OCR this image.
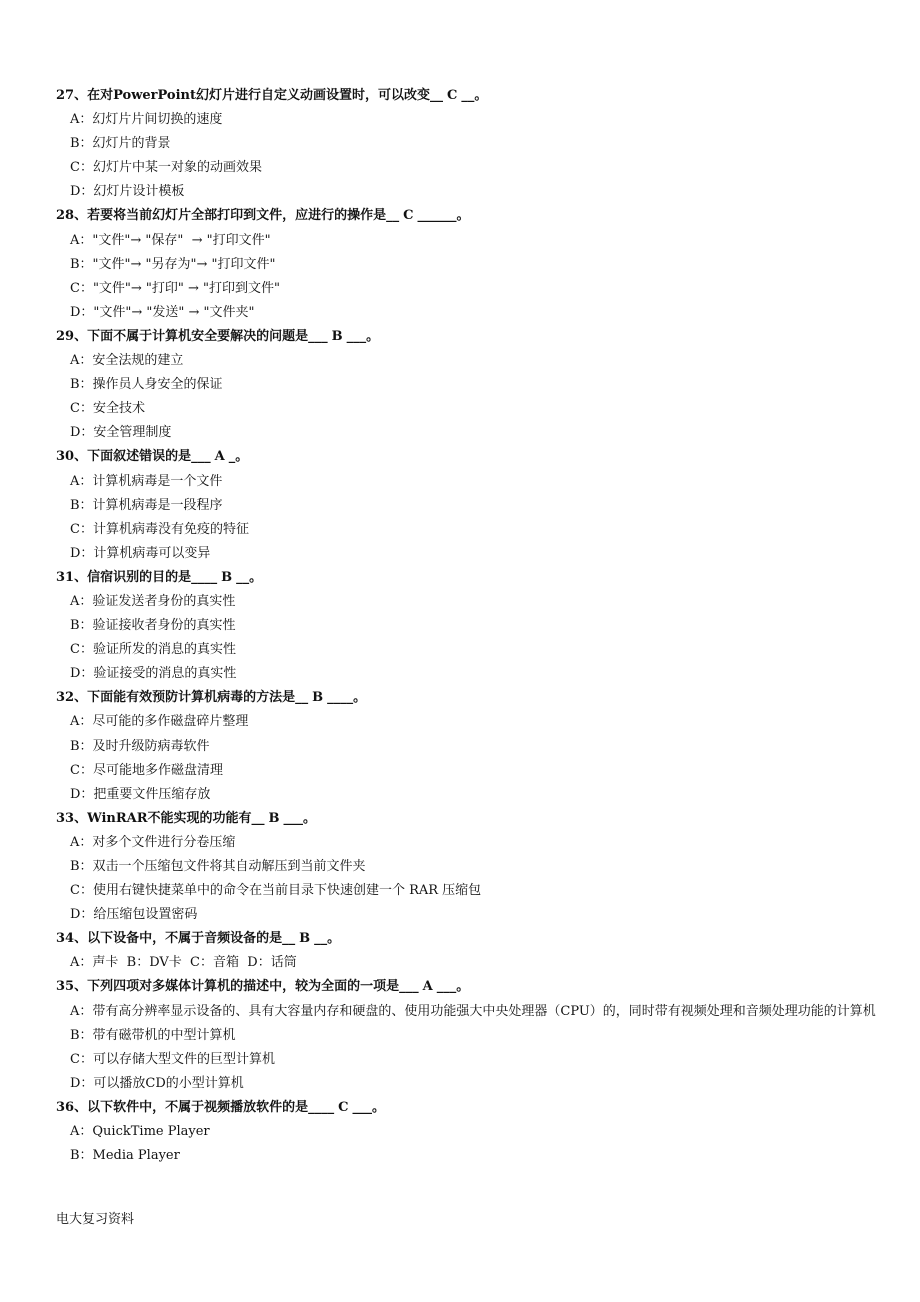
27、在对PowerPoint幻灯片进行自定义动画设置时，可以改变__ C __。
A：幻灯片片间切换的速度
B：幻灯片的背景
C：幻灯片中某一对象的动画效果
D：幻灯片设计模板
28、若要将当前幻灯片全部打印到文件，应进行的操作是__ C ______。
A："文件"→ "保存"  → "打印文件"
B："文件"→ "另存为"→ "打印文件"
C："文件"→ "打印" → "打印到文件"
D："文件"→ "发送" → "文件夹"
29、下面不属于计算机安全要解决的问题是___ B ___。
A：安全法规的建立
B：操作员人身安全的保证
C：安全技术
D：安全管理制度
30、下面叙述错误的是___ A _。
A：计算机病毒是一个文件
B：计算机病毒是一段程序
C：计算机病毒没有免疫的特征
D：计算机病毒可以变异
31、信宿识别的目的是____ B __。
A：验证发送者身份的真实性
B：验证接收者身份的真实性
C：验证所发的消息的真实性
D：验证接受的消息的真实性
32、下面能有效预防计算机病毒的方法是__ B ____。
A：尽可能的多作磁盘碎片整理
B：及时升级防病毒软件
C：尽可能地多作磁盘清理
D：把重要文件压缩存放
33、WinRAR不能实现的功能有__ B ___。
A：对多个文件进行分卷压缩
B：双击一个压缩包文件将其自动解压到当前文件夹
C：使用右键快捷菜单中的命令在当前目录下快速创建一个 RAR 压缩包
D：给压缩包设置密码
34、以下设备中，不属于音频设备的是__ B __。
A：声卡  B：DV卡  C：音箱  D：话筒
35、下列四项对多媒体计算机的描述中，较为全面的一项是___ A ___。
A：带有高分辨率显示设备的、具有大容量内存和硬盘的、使用功能强大中央处理器（CPU）的，同时带有视频处理和音频处理功能的计算机
B：带有磁带机的中型计算机
C：可以存储大型文件的巨型计算机
D：可以播放CD的小型计算机
36、以下软件中，不属于视频播放软件的是____ C ___。
A：QuickTime Player
B：Media Player
电大复习资料
